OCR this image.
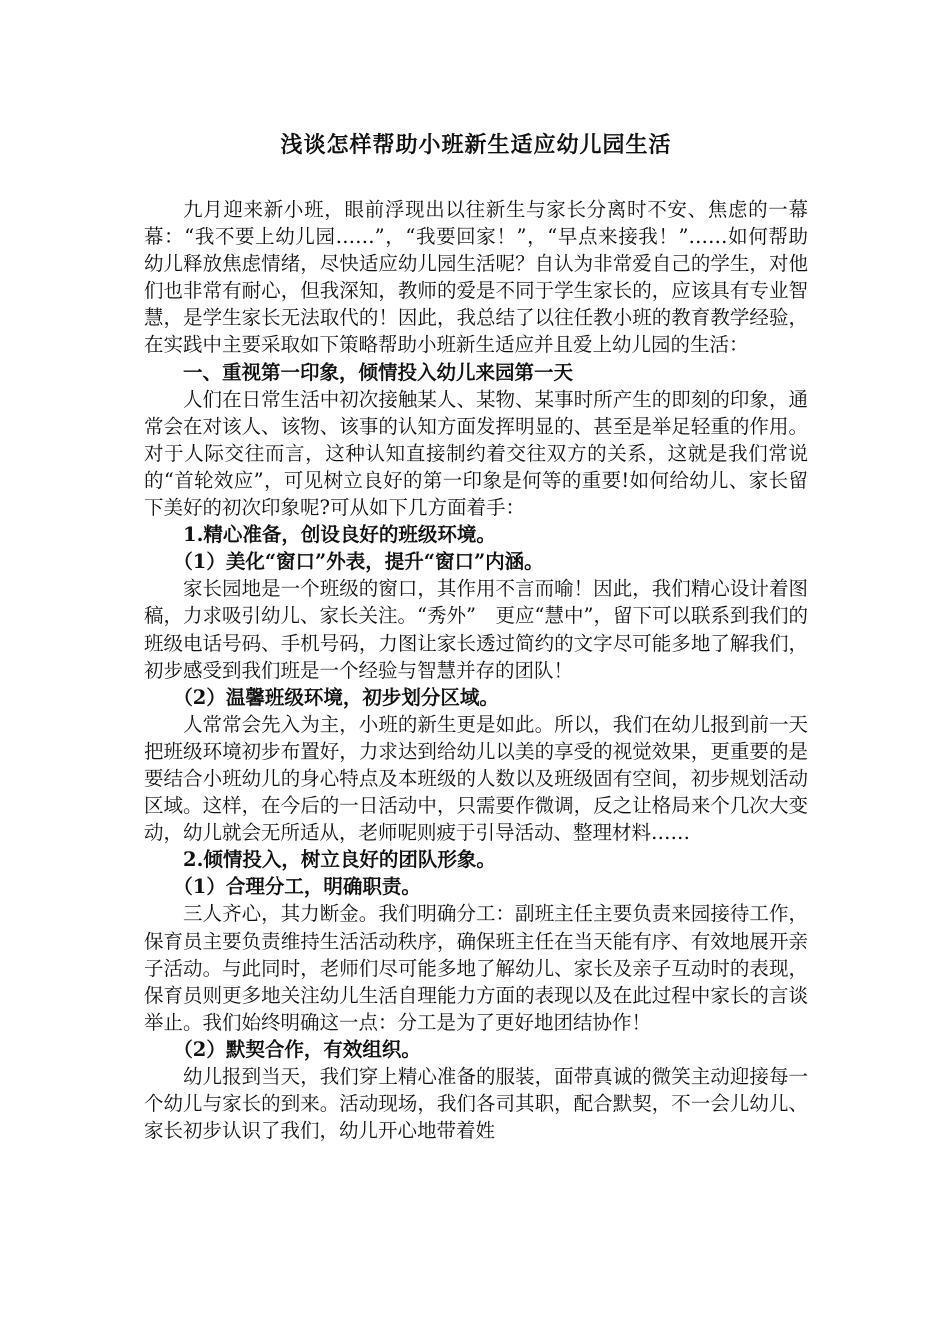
浅谈怎样帮助小班新生适应幼儿园生活

九月迎来新小班，眼前浮现出以往新生与家长分离时不安、焦虑的一幕幕：“我不要上幼儿园……”，“我要回家！”，“早点来接我！”……如何帮助幼儿释放焦虑情绪，尽快适应幼儿园生活呢？自认为非常爱自己的学生，对他们也非常有耐心，但我深知，教师的爱是不同于学生家长的，应该具有专业智慧，是学生家长无法取代的！因此，我总结了以往任教小班的教育教学经验，在实践中主要采取如下策略帮助小班新生适应并且爱上幼儿园的生活：

一、重视第一印象，倾情投入幼儿来园第一天

人们在日常生活中初次接触某人、某物、某事时所产生的即刻的印象，通常会在对该人、该物、该事的认知方面发挥明显的、甚至是举足轻重的作用。对于人际交往而言，这种认知直接制约着交往双方的关系，这就是我们常说的“首轮效应”，可见树立良好的第一印象是何等的重要!如何给幼儿、家长留下美好的初次印象呢?可从如下几方面着手：

1.精心准备，创设良好的班级环境。

（1）美化“窗口”外表，提升“窗口”内涵。

家长园地是一个班级的窗口，其作用不言而喻！因此，我们精心设计着图稿，力求吸引幼儿、家长关注。“秀外”　更应“慧中”，留下可以联系到我们的班级电话号码、手机号码，力图让家长透过简约的文字尽可能多地了解我们，初步感受到我们班是一个经验与智慧并存的团队！

（2）温馨班级环境，初步划分区域。

人常常会先入为主，小班的新生更是如此。所以，我们在幼儿报到前一天把班级环境初步布置好，力求达到给幼儿以美的享受的视觉效果，更重要的是要结合小班幼儿的身心特点及本班级的人数以及班级固有空间，初步规划活动区域。这样，在今后的一日活动中，只需要作微调，反之让格局来个几次大变动，幼儿就会无所适从，老师呢则疲于引导活动、整理材料……

2.倾情投入，树立良好的团队形象。

（1）合理分工，明确职责。

三人齐心，其力断金。我们明确分工：副班主任主要负责来园接待工作，保育员主要负责维持生活活动秩序，确保班主任在当天能有序、有效地展开亲子活动。与此同时，老师们尽可能多地了解幼儿、家长及亲子互动时的表现，保育员则更多地关注幼儿生活自理能力方面的表现以及在此过程中家长的言谈举止。我们始终明确这一点：分工是为了更好地团结协作！

（2）默契合作，有效组织。

幼儿报到当天，我们穿上精心准备的服装，面带真诚的微笑主动迎接每一个幼儿与家长的到来。活动现场，我们各司其职，配合默契，不一会儿幼儿、家长初步认识了我们，幼儿开心地带着姓
